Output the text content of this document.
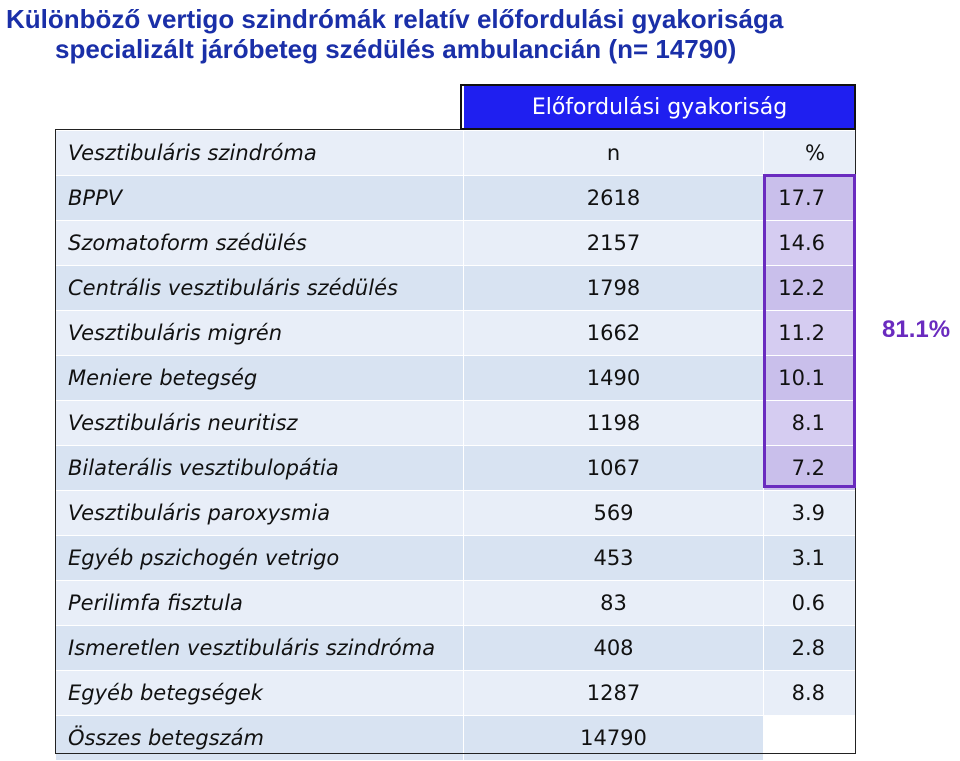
Különböző vertigo szindrómák relatív előfordulási gyakorisága
specializált járóbeteg szédülés ambulancián (n= 14790)
	Előfordulási gyakoriság	
Vesztibuláris szindróma	n	%
BPPV	2618	17.7
Szomatoform szédülés	2157	14.6
Centrális vesztibuláris szédülés	1798	12.2
Vesztibuláris migrén	1662	11.2
Meniere betegség	1490	10.1
Vesztibuláris neuritisz	1198	8.1
Bilaterális vesztibulopátia	1067	7.2
Vesztibuláris paroxysmia	569	3.9
Egyéb pszichogén vetrigo	453	3.1
Perilimfa fisztula	83	0.6
Ismeretlen vesztibuláris szindróma	408	2.8
Egyéb betegségek	1287	8.8
Összes betegszám	14790	
81.1%
